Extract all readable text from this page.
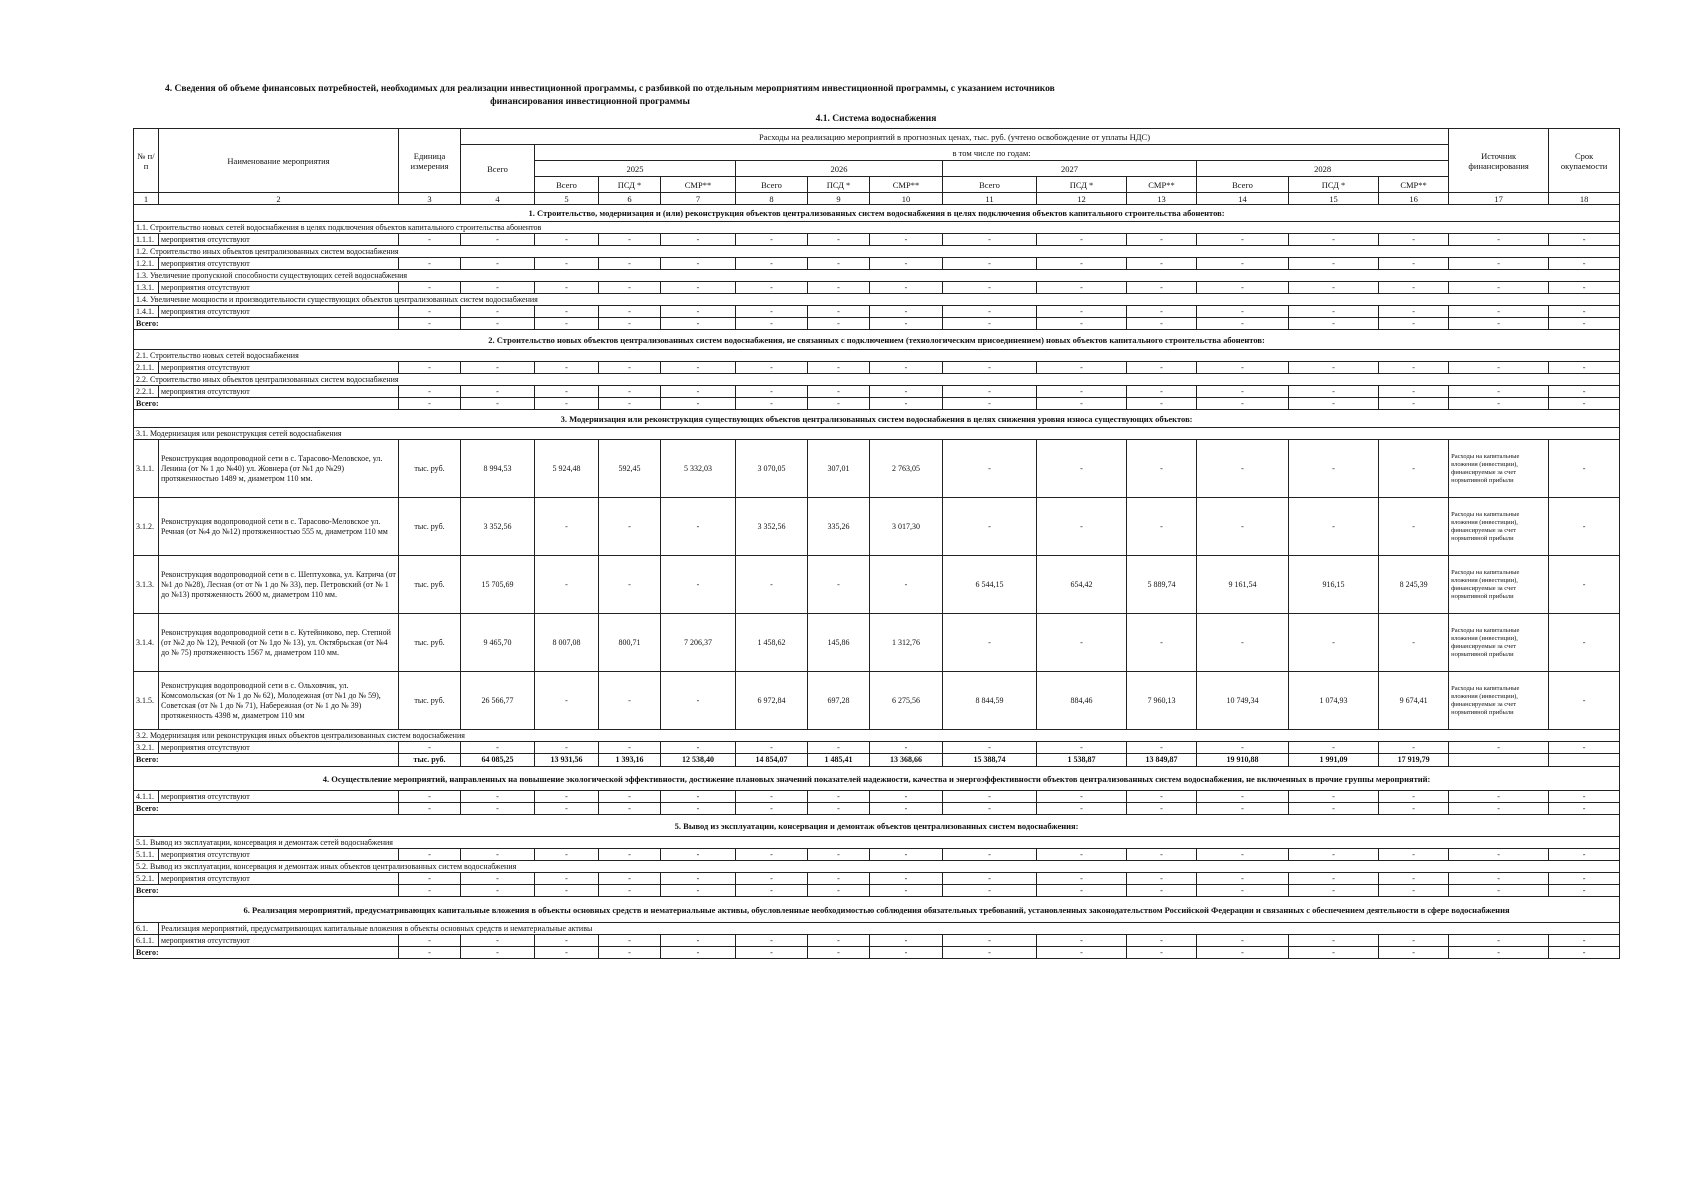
4. Сведения об объеме финансовых потребностей, необходимых для реализации инвестиционной программы, с разбивкой по отдельным мероприятиям инвестиционной программы, с указанием источников
финансирования инвестиционной программы
4.1. Система водоснабжения
№ п/п	Наименование мероприятия	Единица измерения	Расходы на реализацию мероприятий в прогнозных ценах, тыс. руб. (учтено освобождение от уплаты НДС)													Источник финансирования	Срок окупаемости
			Всего	в том числе по годам:													
				2025			2026			2027			2028				
				Всего	ПСД *	СМР**	Всего	ПСД *	СМР**	Всего	ПСД *	СМР**	Всего	ПСД *	СМР**		
1	2	3	4	5	6	7	8	9	10	11	12	13	14	15	16	17	18
1. Строительство, модернизация и (или) реконструкция объектов централизованных систем водоснабжения в целях подключения объектов капитального строительства абонентов:																	
1.1. Строительство новых сетей водоснабжения в целях подключения объектов капитального строительства абонентов																	
1.1.1.	мероприятия отсутствуют	-	-	-	-	-	-	-	-	-	-	-	-	-	-	-	-
1.2. Строительство иных объектов централизованных систем водоснабжения																	
1.2.1.	мероприятия отсутствуют	-	-	-	-	-	-	-	-	-	-	-	-	-	-	-	-
1.3. Увеличение пропускной способности существующих сетей водоснабжения																	
1.3.1.	мероприятия отсутствуют	-	-	-	-	-	-	-	-	-	-	-	-	-	-	-	-
1.4. Увеличение мощности и производительности существующих объектов централизованных систем водоснабжения																	
1.4.1.	мероприятия отсутствуют	-	-	-	-	-	-	-	-	-	-	-	-	-	-	-	-
Всего:		-	-	-	-	-	-	-	-	-	-	-	-	-	-	-	-
2. Строительство новых объектов централизованных систем водоснабжения, не связанных с подключением (технологическим присоединением) новых объектов капитального строительства абонентов:																	
2.1. Строительство новых сетей водоснабжения																	
2.1.1.	мероприятия отсутствуют	-	-	-	-	-	-	-	-	-	-	-	-	-	-	-	-
2.2. Строительство иных объектов централизованных систем водоснабжения																	
2.2.1.	мероприятия отсутствуют	-	-	-	-	-	-	-	-	-	-	-	-	-	-	-	-
Всего:		-	-	-	-	-	-	-	-	-	-	-	-	-	-	-	-
3. Модернизация или реконструкция существующих объектов централизованных систем водоснабжения в целях снижения уровня износа существующих объектов:																	
3.1. Модернизация или реконструкция сетей водоснабжения																	
3.1.1.	Реконструкция водопроводной сети в с. Тарасово-Меловское, ул. Ленина (от № 1 до №40) ул. Жовнера (от №1 до №29) протяженностью 1489 м, диаметром 110 мм.	тыс. руб.	8 994,53	5 924,48	592,45	5 332,03	3 070,05	307,01	2 763,05	-	-	-	-	-	-	Расходы на капитальные вложения (инвестиции), финансируемые за счет нормативной прибыли	-
3.1.2.	Реконструкция водопроводной сети в с. Тарасово-Меловское ул. Речная (от №4 до №12) протяженностью 555 м, диаметром 110 мм	тыс. руб.	3 352,56	-	-	-	3 352,56	335,26	3 017,30	-	-	-	-	-	-	Расходы на капитальные вложения (инвестиции), финансируемые за счет нормативной прибыли	-
3.1.3.	Реконструкция водопроводной сети в с. Шептуховка, ул. Катрича (от №1 до №28), Лесная (от от № 1 до № 33), пер. Петровский (от № 1 до №13) протяженность 2600 м, диаметром 110 мм.	тыс. руб.	15 705,69	-	-	-	-	-	-	6 544,15	654,42	5 889,74	9 161,54	916,15	8 245,39	Расходы на капитальные вложения (инвестиции), финансируемые за счет нормативной прибыли	-
3.1.4.	Реконструкция водопроводной сети в с. Кутейниково, пер. Степной (от №2 до № 12), Речной (от № 1до № 13), ул. Октябрьская (от №4 до № 75) протяженность 1567 м, диаметром 110 мм.	тыс. руб.	9 465,70	8 007,08	800,71	7 206,37	1 458,62	145,86	1 312,76	-	-	-	-	-	-	Расходы на капитальные вложения (инвестиции), финансируемые за счет нормативной прибыли	-
3.1.5.	Реконструкция водопроводной сети в с. Ольховчик, ул. Комсомольская (от № 1 до № 62), Молодежная (от №1 до № 59), Советская (от № 1 до № 71), Набережная (от № 1 до № 39) протяженность 4398 м, диаметром 110 мм	тыс. руб.	26 566,77	-	-	-	6 972,84	697,28	6 275,56	8 844,59	884,46	7 960,13	10 749,34	1 074,93	9 674,41	Расходы на капитальные вложения (инвестиции), финансируемые за счет нормативной прибыли	-
3.2. Модернизация или реконструкция иных объектов централизованных систем водоснабжения																	
3.2.1.	мероприятия отсутствуют	-	-	-	-	-	-	-	-	-	-	-	-	-	-	-	-
Всего:		тыс. руб.	64 085,25	13 931,56	1 393,16	12 538,40	14 854,07	1 485,41	13 368,66	15 388,74	1 538,87	13 849,87	19 910,88	1 991,09	17 919,79		
4. Осуществление мероприятий, направленных на повышение экологической эффективности, достижение плановых значений показателей надежности, качества и энергоэффективности объектов централизованных систем водоснабжения, не включенных в прочие группы мероприятий:																	
4.1.1.	мероприятия отсутствуют	-	-	-	-	-	-	-	-	-	-	-	-	-	-	-	-
Всего:		-	-	-	-	-	-	-	-	-	-	-	-	-	-	-	-
5. Вывод из эксплуатации, консервация и демонтаж объектов централизованных систем водоснабжения:																	
5.1. Вывод из эксплуатации, консервация и демонтаж сетей водоснабжения																	
5.1.1.	мероприятия отсутствуют	-	-	-	-	-	-	-	-	-	-	-	-	-	-	-	-
5.2. Вывод из эксплуатации, консервация и демонтаж иных объектов централизованных систем водоснабжения																	
5.2.1.	мероприятия отсутствуют	-	-	-	-	-	-	-	-	-	-	-	-	-	-	-	-
Всего:		-	-	-	-	-	-	-	-	-	-	-	-	-	-	-	-
6. Реализация мероприятий, предусматривающих капитальные вложения в объекты основных средств и нематериальные активы, обусловленные необходимостью соблюдения обязательных требований, установленных законодательством Российской Федерации и связанных с обеспечением деятельности в сфере водоснабжения																	
6.1.	Реализация мероприятий, предусматривающих капитальные вложения в объекты основных средств и нематериальные активы																
6.1.1.	мероприятия отсутствуют	-	-	-	-	-	-	-	-	-	-	-	-	-	-	-	-
Всего:		-	-	-	-	-	-	-	-	-	-	-	-	-	-	-	-
